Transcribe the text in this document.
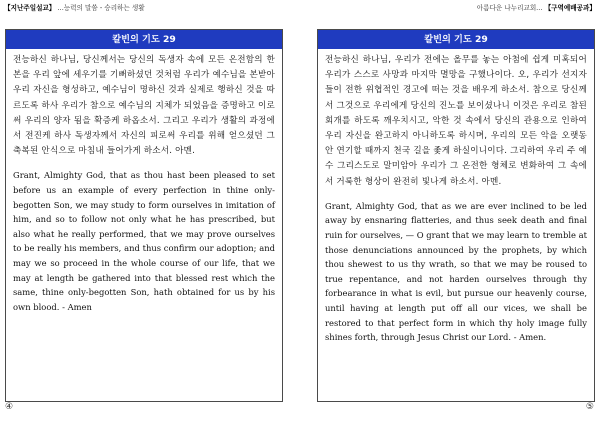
【지난주일설교】 ...능력의 말씀 - 승리하는 생활
칼빈의 기도 29
전능하신 하나님, 당신께서는 당신의 독생자 속에 모든 온전함의 한 본을 우리 앞에 세우기를 기뻐하셨던 것처럼 우리가 예수님을 본받아 우리 자신을 형성하고, 예수님이 명하신 것과 실제로 행하신 것을 따르도록 하사 우리가 참으로 예수님의 지체가 되었음을 증명하고 이로써 우리의 양자 됨을 확증케 하옵소서. 그리고 우리가 생활의 과정에서 전진케 하사 독생자께서 자신의 피로써 우리를 위해 얻으셨던 그 축복된 안식으로 마침내 들어가게 하소서. 아멘.
Grant, Almighty God, that as thou hast been pleased to set before us an example of every perfection in thine only-begotten Son, we may study to form ourselves in imitation of him, and so to follow not only what he has prescribed, but also what he really performed, that we may prove ourselves to be really his members, and thus confirm our adoption; and may we so proceed in the whole course of our life, that we may at length be gathered into that blessed rest which the same, thine only-begotten Son, hath obtained for us by his own blood. - Amen
④
아름다운 나누리교회... 【구역예배공과】
칼빈의 기도 29
전능하신 하나님, 우리가 전에는 올무를 놓는 아첨에 쉽게 미혹되어 우리가 스스로 사망과 마지막 멸망을 구했나이다. 오, 우리가 선지자들이 전한 위협적인 경고에 떠는 것을 배우게 하소서. 참으로 당신께서 그것으로 우리에게 당신의 진노를 보이셨나니 이것은 우리로 참된 회개를 하도록 깨우치시고, 악한 것 속에서 당신의 관용으로 인하여 우리 자신을 완고하지 아니하도록 하시며, 우리의 모든 악을 오랫동안 연기할 때까지 천국 길을 좇게 하실이니이다. 그리하여 우리 주 예수 그리스도로 말미암아 우리가 그 온전한 형체로 변화하여 그 속에서 거룩한 형상이 완전히 빛나게 하소서. 아멘.
Grant, Almighty God, that as we are ever inclined to be led away by ensnaring flatteries, and thus seek death and final ruin for ourselves, — O grant that we may learn to tremble at those denunciations announced by the prophets, by which thou shewest to us thy wrath, so that we may be roused to true repentance, and not harden ourselves through thy forbearance in what is evil, but pursue our heavenly course, until having at length put off all our vices, we shall be restored to that perfect form in which thy holy image fully shines forth, through Jesus Christ our Lord. - Amen.
⑤
